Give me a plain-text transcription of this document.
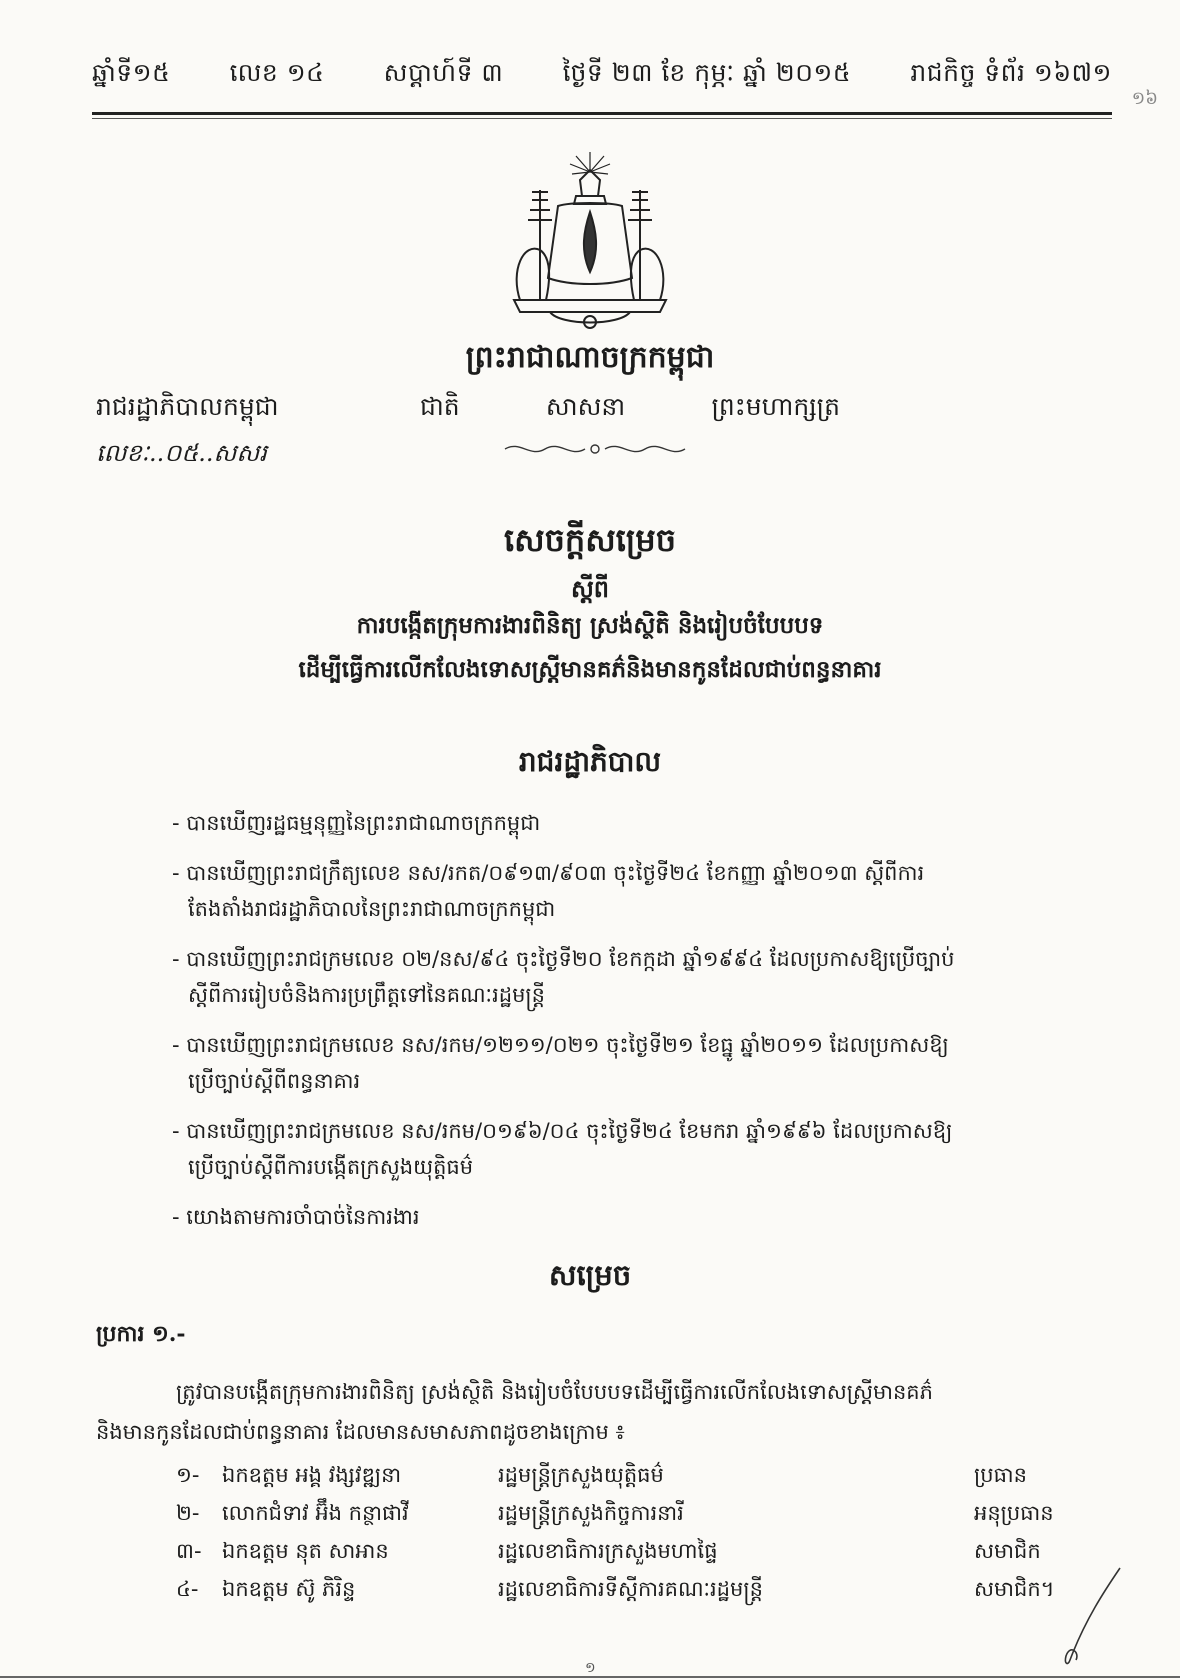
ឆ្នាំទី១៥ លេខ ១៤ សប្តាហ៍ទី ៣ ថ្ងៃទី ២៣ ខែ កុម្ភៈ ឆ្នាំ ២០១៥ រាជកិច្ច ទំព័រ ១៦៧១
១៦
ព្រះរាជាណាចក្រកម្ពុជា
ជាតិ	សាសនា	ព្រះមហាក្សត្រ
រាជរដ្ឋាភិបាលកម្ពុជា
លេខៈ..០៥..សសរ
សេចក្តីសម្រេច
ស្តីពី
ការបង្កើតក្រុមការងារពិនិត្យ ស្រង់ស្ថិតិ និងរៀបចំបែបបទ
ដើម្បីធ្វើការលើកលែងទោសស្ត្រីមានគភ៌និងមានកូនដែលជាប់ពន្ធនាគារ
រាជរដ្ឋាភិបាល
- បានឃើញរដ្ឋធម្មនុញ្ញនៃព្រះរាជាណាចក្រកម្ពុជា
- បានឃើញព្រះរាជក្រឹត្យលេខ នស/រកត/០៩១៣/៩០៣ ចុះថ្ងៃទី២៤ ខែកញ្ញា ឆ្នាំ២០១៣ ស្តីពីការ
តែងតាំងរាជរដ្ឋាភិបាលនៃព្រះរាជាណាចក្រកម្ពុជា
- បានឃើញព្រះរាជក្រមលេខ ០២/នស/៩៤ ចុះថ្ងៃទី២០ ខែកក្កដា ឆ្នាំ១៩៩៤ ដែលប្រកាសឱ្យប្រើច្បាប់
ស្តីពីការរៀបចំនិងការប្រព្រឹត្តទៅនៃគណៈរដ្ឋមន្ត្រី
- បានឃើញព្រះរាជក្រមលេខ នស/រកម/១២១១/០២១ ចុះថ្ងៃទី២១ ខែធ្នូ ឆ្នាំ២០១១ ដែលប្រកាសឱ្យ
ប្រើច្បាប់ស្តីពីពន្ធនាគារ
- បានឃើញព្រះរាជក្រមលេខ នស/រកម/០១៩៦/០៤ ចុះថ្ងៃទី២៤ ខែមករា ឆ្នាំ១៩៩៦ ដែលប្រកាសឱ្យ
ប្រើច្បាប់ស្តីពីការបង្កើតក្រសួងយុត្តិធម៌
- យោងតាមការចាំបាច់នៃការងារ
សម្រេច
ប្រការ ១.-
ត្រូវបានបង្កើតក្រុមការងារពិនិត្យ ស្រង់ស្ថិតិ និងរៀបចំបែបបទដើម្បីធ្វើការលើកលែងទោសស្ត្រីមានគភ៌
និងមានកូនដែលជាប់ពន្ធនាគារ ដែលមានសមាសភាពដូចខាងក្រោម ៖
១-	ឯកឧត្តម អង្គ វង្សវឌ្ឍនា	រដ្ឋមន្ត្រីក្រសួងយុត្តិធម៌	ប្រធាន
២-	លោកជំទាវ អ៊ឹង កន្ថាផាវី	រដ្ឋមន្ត្រីក្រសួងកិច្ចការនារី	អនុប្រធាន
៣- ឯកឧត្តម នុត សាអាន	រដ្ឋលេខាធិការក្រសួងមហាផ្ទៃ	សមាជិក
៤-	ឯកឧត្តម ស៊ូ ភិរិន្ទ	រដ្ឋលេខាធិការទីស្តីការគណៈរដ្ឋមន្ត្រី	សមាជិក។
១
